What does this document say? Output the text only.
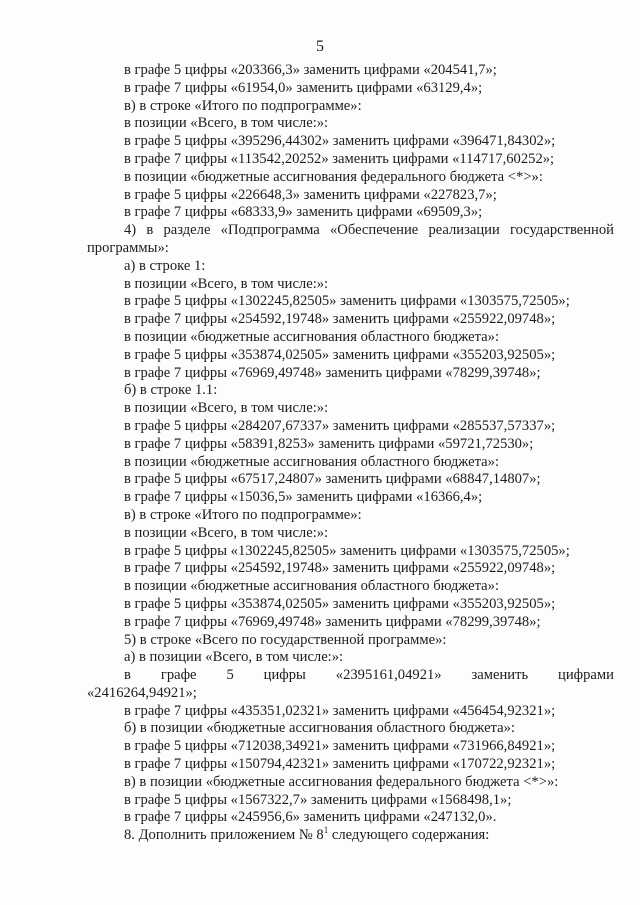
5
в графе 5 цифры «203366,3» заменить цифрами «204541,7»;
в графе 7 цифры «61954,0» заменить цифрами «63129,4»;
в) в строке «Итого по подпрограмме»:
в позиции «Всего, в том числе:»:
в графе 5 цифры «395296,44302» заменить цифрами «396471,84302»;
в графе 7 цифры «113542,20252» заменить цифрами «114717,60252»;
в позиции «бюджетные ассигнования федерального бюджета <*>»:
в графе 5 цифры «226648,3» заменить цифрами «227823,7»;
в графе 7 цифры «68333,9» заменить цифрами «69509,3»;
4) в разделе «Подпрограмма «Обеспечение реализации государственной
программы»:
а) в строке 1:
в позиции «Всего, в том числе:»:
в графе 5 цифры «1302245,82505» заменить цифрами «1303575,72505»;
в графе 7 цифры «254592,19748» заменить цифрами «255922,09748»;
в позиции «бюджетные ассигнования областного бюджета»:
в графе 5 цифры «353874,02505» заменить цифрами «355203,92505»;
в графе 7 цифры «76969,49748» заменить цифрами «78299,39748»;
б) в строке 1.1:
в позиции «Всего, в том числе:»:
в графе 5 цифры «284207,67337» заменить цифрами «285537,57337»;
в графе 7 цифры «58391,8253» заменить цифрами «59721,72530»;
в позиции «бюджетные ассигнования областного бюджета»:
в графе 5 цифры «67517,24807» заменить цифрами «68847,14807»;
в графе 7 цифры «15036,5» заменить цифрами «16366,4»;
в) в строке «Итого по подпрограмме»:
в позиции «Всего, в том числе:»:
в графе 5 цифры «1302245,82505» заменить цифрами «1303575,72505»;
в графе 7 цифры «254592,19748» заменить цифрами «255922,09748»;
в позиции «бюджетные ассигнования областного бюджета»:
в графе 5 цифры «353874,02505» заменить цифрами «355203,92505»;
в графе 7 цифры «76969,49748» заменить цифрами «78299,39748»;
5) в строке «Всего по государственной программе»:
а) в позиции «Всего, в том числе:»:
в графе 5 цифры «2395161,04921» заменить цифрами
«2416264,94921»;
в графе 7 цифры «435351,02321» заменить цифрами «456454,92321»;
б) в позиции «бюджетные ассигнования областного бюджета»:
в графе 5 цифры «712038,34921» заменить цифрами «731966,84921»;
в графе 7 цифры «150794,42321» заменить цифрами «170722,92321»;
в) в позиции «бюджетные ассигнования федерального бюджета <*>»:
в графе 5 цифры «1567322,7» заменить цифрами «1568498,1»;
в графе 7 цифры «245956,6» заменить цифрами «247132,0».
8. Дополнить приложением № $8^1$ следующего содержания:
